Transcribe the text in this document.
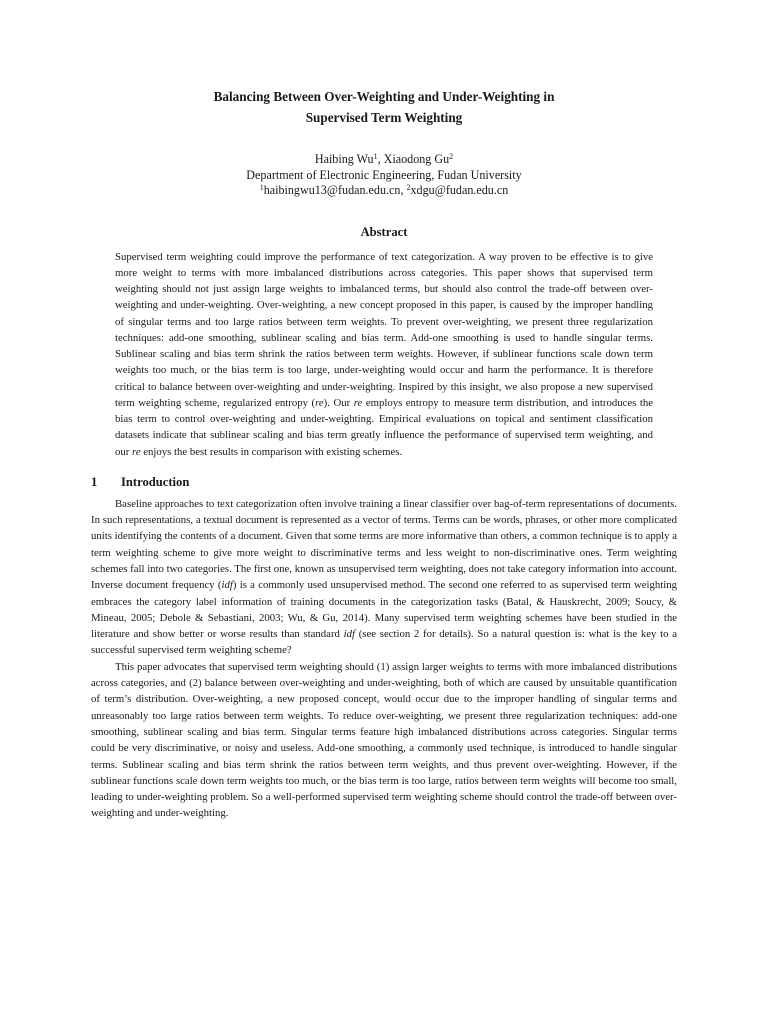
Balancing Between Over-Weighting and Under-Weighting in
Supervised Term Weighting
Haibing Wu$^1$, Xiaodong Gu$^2$
Department of Electronic Engineering, Fudan University
$^1$haibingwu13@fudan.edu.cn, $^2$xdgu@fudan.edu.cn
Abstract

Supervised term weighting could improve the performance of text categorization. A way proven to be effective is to give more weight to terms with more imbalanced distributions across categories. This paper shows that supervised term weighting should not just assign large weights to imbalanced terms, but should also control the trade-off between over-weighting and under-weighting. Over-weighting, a new concept proposed in this paper, is caused by the improper handling of singular terms and too large ratios between term weights. To prevent over-weighting, we present three regularization techniques: add-one smoothing, sublinear scaling and bias term. Add-one smoothing is used to handle singular terms. Sublinear scaling and bias term shrink the ratios between term weights. However, if sublinear functions scale down term weights too much, or the bias term is too large, under-weighting would occur and harm the performance. It is therefore critical to balance between over-weighting and under-weighting. Inspired by this insight, we also propose a new supervised term weighting scheme, regularized entropy (re). Our re employs entropy to measure term distribution, and introduces the bias term to control over-weighting and under-weighting. Empirical evaluations on topical and sentiment classification datasets indicate that sublinear scaling and bias term greatly influence the performance of supervised term weighting, and our re enjoys the best results in comparison with existing schemes.

1	Introduction

Baseline approaches to text categorization often involve training a linear classifier over bag-of-term representations of documents. In such representations, a textual document is represented as a vector of terms. Terms can be words, phrases, or other more complicated units identifying the contents of a document. Given that some terms are more informative than others, a common technique is to apply a term weighting scheme to give more weight to discriminative terms and less weight to non-discriminative ones. Term weighting schemes fall into two categories. The first one, known as unsupervised term weighting, does not take category information into account. Inverse document frequency (idf) is a commonly used unsupervised method. The second one referred to as supervised term weighting embraces the category label information of training documents in the categorization tasks (Batal, & Hauskrecht, 2009; Soucy, & Mineau, 2005; Debole & Sebastiani, 2003; Wu, & Gu, 2014). Many supervised term weighting schemes have been studied in the literature and show better or worse results than standard idf (see section 2 for details). So a natural question is: what is the key to a successful supervised term weighting scheme?

This paper advocates that supervised term weighting should (1) assign larger weights to terms with more imbalanced distributions across categories, and (2) balance between over-weighting and under-weighting, both of which are caused by unsuitable quantification of term’s distribution. Over-weighting, a new proposed concept, would occur due to the improper handling of singular terms and unreasonably too large ratios between term weights. To reduce over-weighting, we present three regularization techniques: add-one smoothing, sublinear scaling and bias term. Singular terms feature high imbalanced distributions across categories. Singular terms could be very discriminative, or noisy and useless. Add-one smoothing, a commonly used technique, is introduced to handle singular terms. Sublinear scaling and bias term shrink the ratios between term weights, and thus prevent over-weighting. However, if the sublinear functions scale down term weights too much, or the bias term is too large, ratios between term weights will become too small, leading to under-weighting problem. So a well-performed supervised term weighting scheme should control the trade-off between over-weighting and under-weighting.
